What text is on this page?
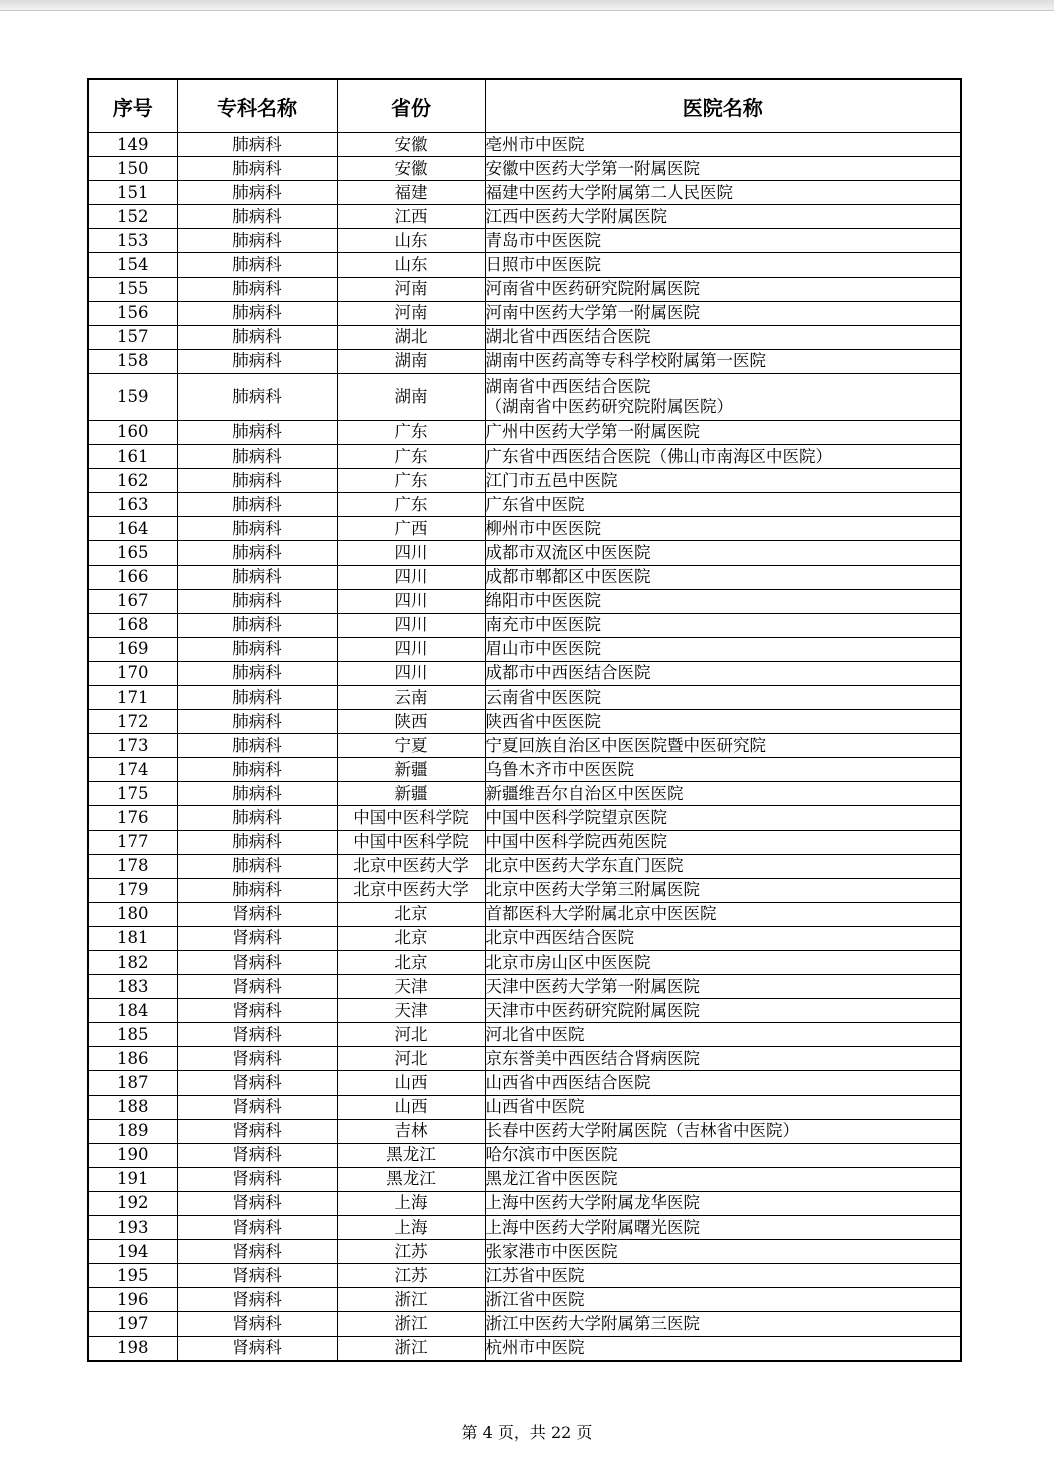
序号	专科名称	省份	医院名称
149	肺病科	安徽	亳州市中医院
150	肺病科	安徽	安徽中医药大学第一附属医院
151	肺病科	福建	福建中医药大学附属第二人民医院
152	肺病科	江西	江西中医药大学附属医院
153	肺病科	山东	青岛市中医医院
154	肺病科	山东	日照市中医医院
155	肺病科	河南	河南省中医药研究院附属医院
156	肺病科	河南	河南中医药大学第一附属医院
157	肺病科	湖北	湖北省中西医结合医院
158	肺病科	湖南	湖南中医药高等专科学校附属第一医院
159	肺病科	湖南	湖南省中西医结合医院
（湖南省中医药研究院附属医院）

160	肺病科	广东	广州中医药大学第一附属医院
161	肺病科	广东	广东省中西医结合医院（佛山市南海区中医院）
162	肺病科	广东	江门市五邑中医院
163	肺病科	广东	广东省中医院
164	肺病科	广西	柳州市中医医院
165	肺病科	四川	成都市双流区中医医院
166	肺病科	四川	成都市郫都区中医医院
167	肺病科	四川	绵阳市中医医院
168	肺病科	四川	南充市中医医院
169	肺病科	四川	眉山市中医医院
170	肺病科	四川	成都市中西医结合医院
171	肺病科	云南	云南省中医医院
172	肺病科	陕西	陕西省中医医院
173	肺病科	宁夏	宁夏回族自治区中医医院暨中医研究院
174	肺病科	新疆	乌鲁木齐市中医医院
175	肺病科	新疆	新疆维吾尔自治区中医医院
176	肺病科	中国中医科学院	中国中医科学院望京医院
177	肺病科	中国中医科学院	中国中医科学院西苑医院
178	肺病科	北京中医药大学	北京中医药大学东直门医院
179	肺病科	北京中医药大学	北京中医药大学第三附属医院
180	肾病科	北京	首都医科大学附属北京中医医院
181	肾病科	北京	北京中西医结合医院
182	肾病科	北京	北京市房山区中医医院
183	肾病科	天津	天津中医药大学第一附属医院
184	肾病科	天津	天津市中医药研究院附属医院
185	肾病科	河北	河北省中医院
186	肾病科	河北	京东誉美中西医结合肾病医院
187	肾病科	山西	山西省中西医结合医院
188	肾病科	山西	山西省中医院
189	肾病科	吉林	长春中医药大学附属医院（吉林省中医院）
190	肾病科	黑龙江	哈尔滨市中医医院
191	肾病科	黑龙江	黑龙江省中医医院
192	肾病科	上海	上海中医药大学附属龙华医院
193	肾病科	上海	上海中医药大学附属曙光医院
194	肾病科	江苏	张家港市中医医院
195	肾病科	江苏	江苏省中医院
196	肾病科	浙江	浙江省中医院
197	肾病科	浙江	浙江中医药大学附属第三医院
198	肾病科	浙江	杭州市中医院
第 4 页，共 22 页
